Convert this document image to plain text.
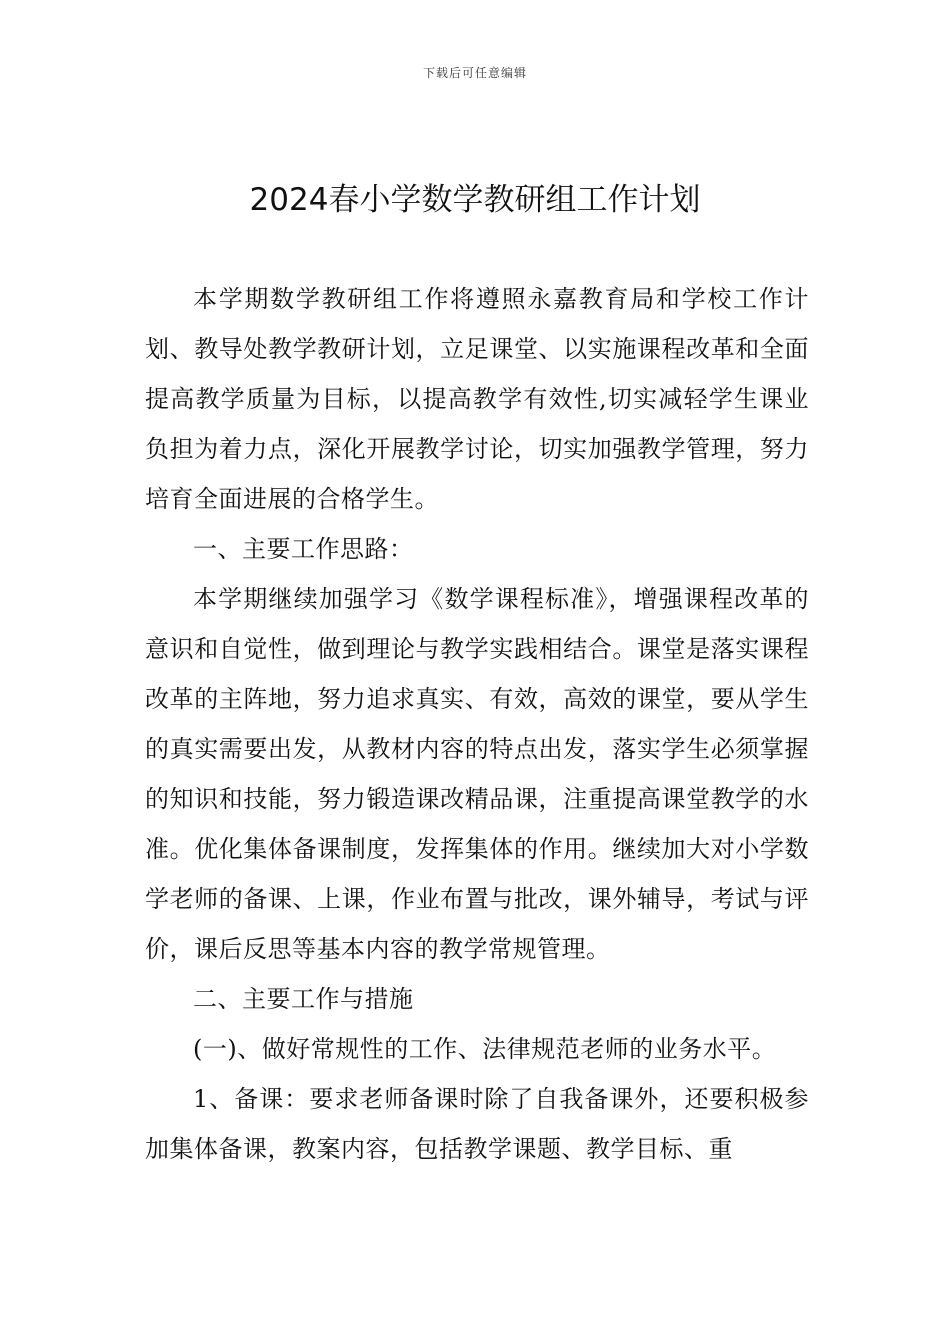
下载后可任意编辑
2024春小学数学教研组工作计划

本学期数学教研组工作将遵照永嘉教育局和学校工作计划、教导处教学教研计划，立足课堂、以实施课程改革和全面提高教学质量为目标，以提高教学有效性,切实减轻学生课业负担为着力点，深化开展教学讨论，切实加强教学管理，努力培育全面进展的合格学生。

一、主要工作思路：

本学期继续加强学习《数学课程标准》，增强课程改革的意识和自觉性，做到理论与教学实践相结合。课堂是落实课程改革的主阵地，努力追求真实、有效，高效的课堂，要从学生的真实需要出发，从教材内容的特点出发，落实学生必须掌握的知识和技能，努力锻造课改精品课，注重提高课堂教学的水准。优化集体备课制度，发挥集体的作用。继续加大对小学数学老师的备课、上课，作业布置与批改，课外辅导，考试与评价，课后反思等基本内容的教学常规管理。

二、主要工作与措施

(一)、做好常规性的工作、法律规范老师的业务水平。

1、备课：要求老师备课时除了自我备课外，还要积极参加集体备课，教案内容，包括教学课题、教学目标、重
